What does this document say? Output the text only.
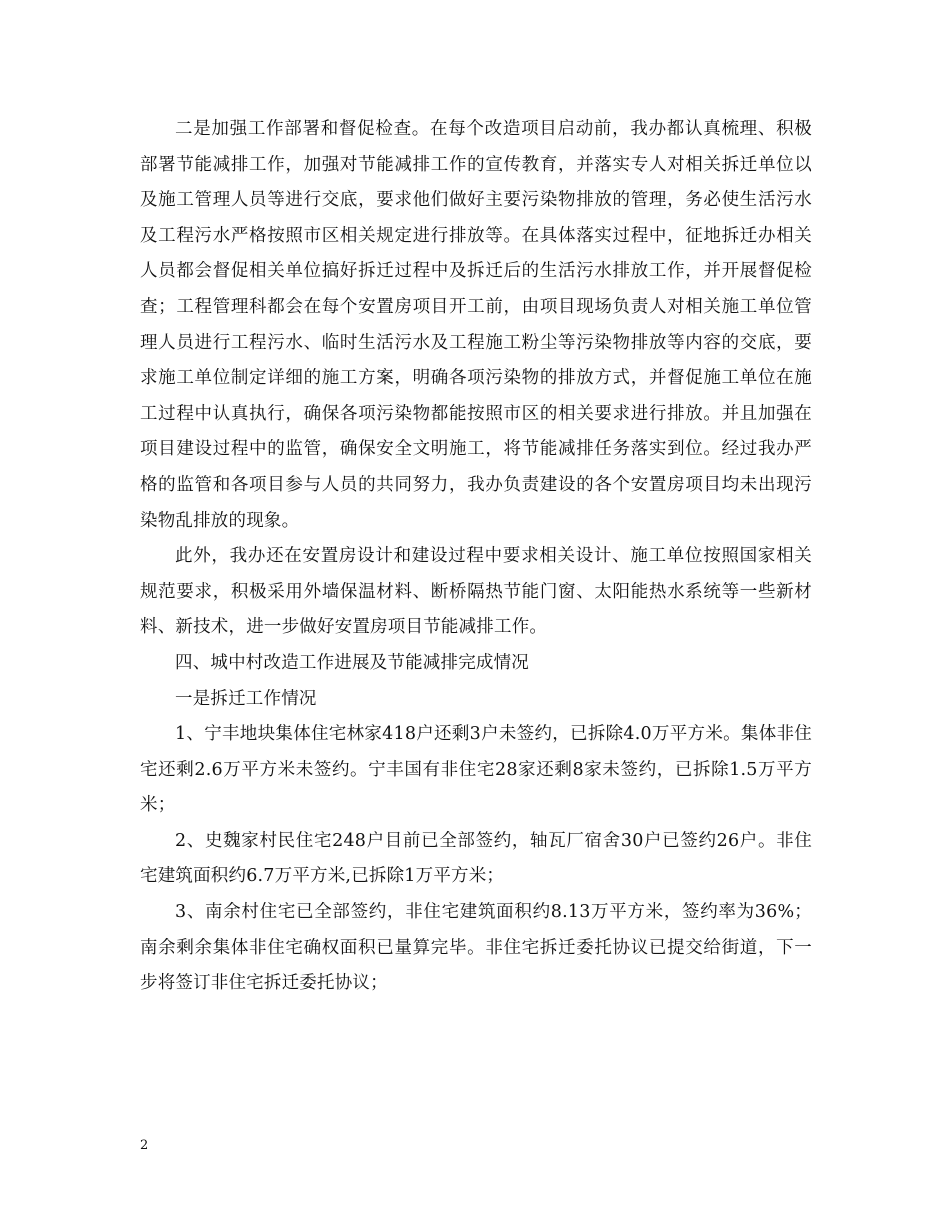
二是加强工作部署和督促检查。在每个改造项目启动前，我办都认真梳理、积极部署节能减排工作，加强对节能减排工作的宣传教育，并落实专人对相关拆迁单位以及施工管理人员等进行交底，要求他们做好主要污染物排放的管理，务必使生活污水及工程污水严格按照市区相关规定进行排放等。在具体落实过程中，征地拆迁办相关人员都会督促相关单位搞好拆迁过程中及拆迁后的生活污水排放工作，并开展督促检查；工程管理科都会在每个安置房项目开工前，由项目现场负责人对相关施工单位管理人员进行工程污水、临时生活污水及工程施工粉尘等污染物排放等内容的交底，要求施工单位制定详细的施工方案，明确各项污染物的排放方式，并督促施工单位在施工过程中认真执行，确保各项污染物都能按照市区的相关要求进行排放。并且加强在项目建设过程中的监管，确保安全文明施工，将节能减排任务落实到位。经过我办严格的监管和各项目参与人员的共同努力，我办负责建设的各个安置房项目均未出现污染物乱排放的现象。

此外，我办还在安置房设计和建设过程中要求相关设计、施工单位按照国家相关规范要求，积极采用外墙保温材料、断桥隔热节能门窗、太阳能热水系统等一些新材料、新技术，进一步做好安置房项目节能减排工作。

四、城中村改造工作进展及节能减排完成情况

一是拆迁工作情况

1、宁丰地块集体住宅林家418户还剩3户未签约，已拆除4.0万平方米。集体非住宅还剩2.6万平方米未签约。宁丰国有非住宅28家还剩8家未签约，已拆除1.5万平方米；

2、史魏家村民住宅248户目前已全部签约，轴瓦厂宿舍30户已签约26户。非住宅建筑面积约6.7万平方米,已拆除1万平方米；

3、南余村住宅已全部签约，非住宅建筑面积约8.13万平方米，签约率为36%；南余剩余集体非住宅确权面积已量算完毕。非住宅拆迁委托协议已提交给街道，下一步将签订非住宅拆迁委托协议；

2
